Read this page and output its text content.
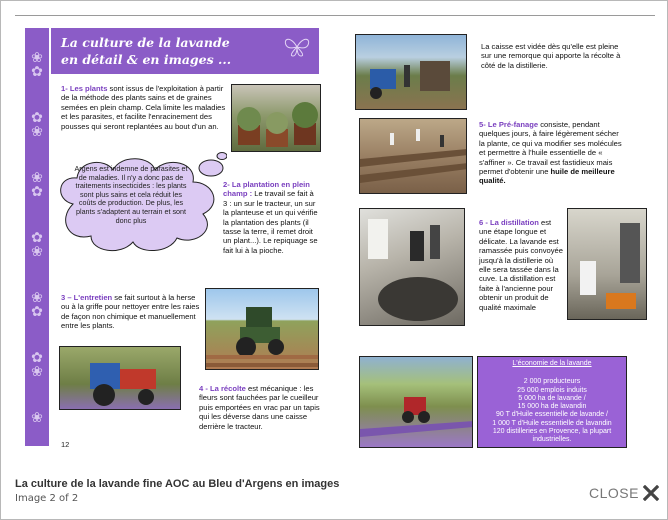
❀
✿
✿
❀
❀
✿
✿
❀
❀
✿
✿
❀
❀
La culture de la lavande
en détail & en images ...
1- Les plants sont issus de l'exploitation à partir de la méthode des plants sains et de graines semées en plein champ. Cela limite les maladies et les parasites, et facilite l'enracinement des pousses qui seront replantées au bout d'un an.
Argens est indemne de parasites et de maladies. Il n'y a donc pas de traitements insecticides : les plants sont plus sains et cela réduit les coûts de production. De plus, les plants s'adaptent au terrain et sont donc plus
2- La plantation en plein champ : Le travail se fait à 3 : un sur le tracteur, un sur la planteuse et un qui vérifie la plantation des plants (il tasse la terre, il remet droit un plant...). Le repiquage se fait lui à la pioche.
3 – L'entretien se fait surtout à la herse ou à la griffe pour nettoyer entre les raies de façon non chimique et manuellement entre les plants.
4 - La récolte est mécanique : les fleurs sont fauchées par le cueilleur puis emportées en vrac par un tapis qui les déverse dans une caisse derrière le tracteur.
12
La caisse est vidée dès qu'elle est pleine sur une remorque qui apporte la récolte à côté de la distillerie.
5- Le Pré-fanage consiste, pendant quelques jours, à faire légèrement sécher la plante, ce qui va modifier ses molécules et permettre à l'huile essentielle de « s'affiner ». Ce travail est fastidieux mais permet d'obtenir une huile de meilleure qualité.
6 - La distillation est une étape longue et délicate. La lavande est ramassée puis convoyée jusqu'à la distillerie où elle sera tassée dans la cuve. La distillation est faite à l'ancienne pour obtenir un produit de qualité maximale
L'économie de la lavande
2 000 producteurs
25 000 emplois induits
5 000 ha de lavande /
15 000 ha de lavandin
90 T d'Huile essentielle de lavande /
1 000 T d'Huile essentielle de lavandin
120 distilleries en Provence, la plupart
industrielles.
La culture de la lavande fine AOC au Bleu d'Argens en images
Image 2 of 2	CLOSE
